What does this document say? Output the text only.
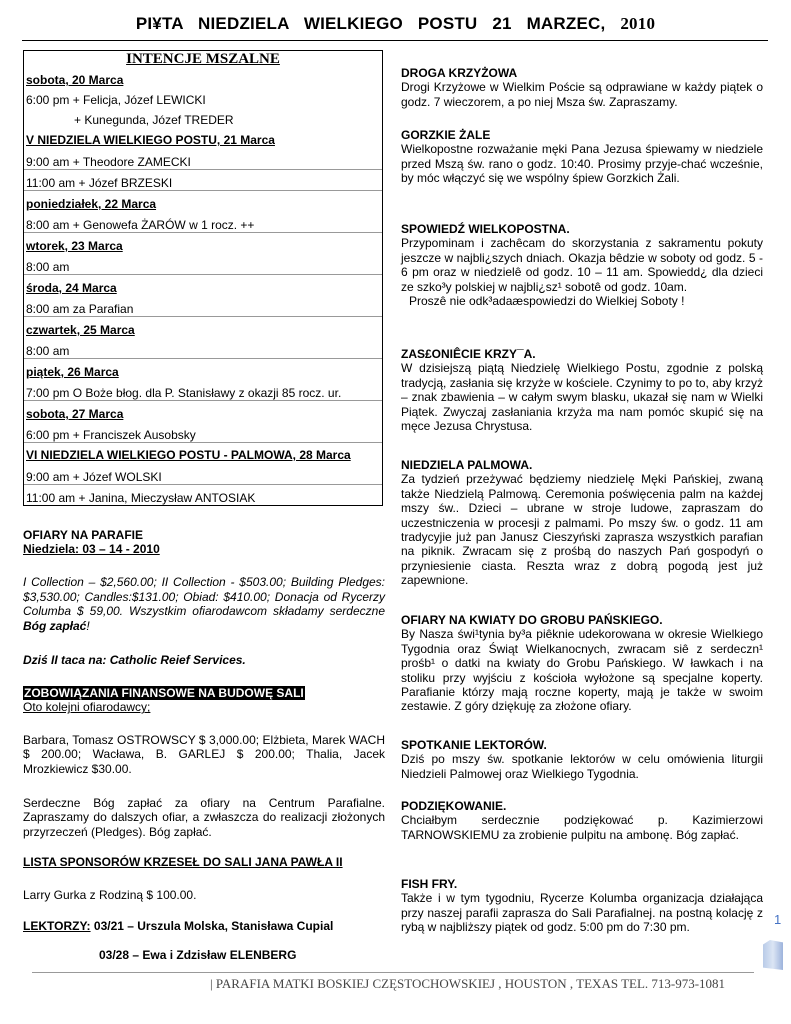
PI¥TA NIEDZIELA WIELKIEGO POSTU 21 MARZEC, 2010
INTENCJE MSZALNE
sobota, 20 Marca
6:00 pm + Felicja, Józef LEWICKI
+ Kunegunda, Józef TREDER
V NIEDZIELA WIELKIEGO POSTU, 21 Marca
9:00 am + Theodore ZAMECKI
11:00 am + Józef BRZESKI
poniedziałek, 22 Marca
8:00 am + Genowefa ŻARÓW w 1 rocz. ++
wtorek, 23 Marca
8:00 am
środa, 24 Marca
8:00 am za Parafian
czwartek, 25 Marca
8:00 am
piątek, 26 Marca
7:00 pm O Boże błog. dla P. Stanisławy z okazji 85 rocz. ur.
sobota, 27 Marca
6:00 pm + Franciszek Ausobsky
VI NIEDZIELA WIELKIEGO POSTU - PALMOWA, 28 Marca
9:00 am + Józef WOLSKI
11:00 am + Janina, Mieczysław ANTOSIAK
OFIARY NA PARAFIE
Niedziela: 03 – 14 - 2010
I Collection – $2,560.00; II Collection - $503.00; Building Pledges: $3,530.00; Candles:$131.00; Obiad: $410.00; Donacja od Rycerzy Columba $ 59,00. Wszystkim ofiarodawcom składamy serdeczne Bóg zapłać!
Dziś II taca na: Catholic Reief Services.
ZOBOWIĄZANIA FINANSOWE NA BUDOWĘ SALI
Oto kolejni ofiarodawcy;
Barbara, Tomasz OSTROWSCY $ 3,000.00; Elżbieta, Marek WACH $ 200.00; Wacława, B. GARLEJ $ 200.00; Thalia, Jacek Mrozkiewicz $30.00.
Serdeczne Bóg zapłać za ofiary na Centrum Parafialne. Zapraszamy do dalszych ofiar, a zwłaszcza do realizacji złożonych przyrzeczeń (Pledges). Bóg zapłać.
LISTA SPONSORÓW KRZESEŁ DO SALI JANA PAWŁA II
Larry Gurka z Rodziną $ 100.00.
LEKTORZY: 03/21 – Urszula Molska, Stanisława Cupial
03/28 – Ewa i Zdzisław ELENBERG
DROGA KRZYŻOWA
Drogi Krzyżowe w Wielkim Poście są odprawiane w każdy piątek o godz. 7 wieczorem, a po niej Msza św. Zapraszamy.
GORZKIE ŻALE
Wielkopostne rozważanie męki Pana Jezusa śpiewamy w niedziele przed Mszą św. rano o godz. 10:40. Prosimy przyje-chać wcześnie, by móc włączyć się we wspólny śpiew Gorzkich Żali.
SPOWIEDŹ WIELKOPOSTNA.
Przypominam i zachêcam do skorzystania z sakramentu pokuty jeszcze w najbli¿szych dniach. Okazja bêdzie w soboty od godz. 5 - 6 pm oraz w niedzielê od godz. 10 – 11 am. Spowiedd¿ dla dzieci ze szko³y polskiej w najbli¿sz¹ sobotê od godz. 10am.
Proszê nie odk³adaæspowiedzi do Wielkiej Soboty !
ZAS£ONIÊCIE KRZY¯A.
W dzisiejszą piątą Niedzielę Wielkiego Postu, zgodnie z polską tradycją, zasłania się krzyże w kościele. Czynimy to po to, aby krzyż – znak zbawienia – w całym swym blasku, ukazał się nam w Wielki Piątek. Zwyczaj zasłaniania krzyża ma nam pomóc skupić się na męce Jezusa Chrystusa.
NIEDZIELA PALMOWA.
Za tydzień przeżywać będziemy niedzielę Męki Pańskiej, zwaną także Niedzielą Palmową. Ceremonia poświęcenia palm na każdej mszy św.. Dzieci – ubrane w stroje ludowe, zapraszam do uczestniczenia w procesji z palmami. Po mszy św. o godz. 11 am tradycyjie już pan Janusz Cieszyński zaprasza wszystkich parafian na piknik. Zwracam się z prośbą do naszych Pań gospodyń o przyniesienie ciasta. Reszta wraz z dobrą pogodą jest już zapewnione.
OFIARY NA KWIATY DO GROBU PAŃSKIEGO.
By Nasza świ¹tynia by³a piêknie udekorowana w okresie Wielkiego Tygodnia oraz Świąt Wielkanocnych, zwracam siê z serdeczn¹ prośb¹ o datki na kwiaty do Grobu Pańskiego. W ławkach i na stoliku przy wyjściu z kościoła wyłożone są specjalne koperty. Parafianie którzy mają roczne koperty, mają je także w swoim zestawie. Z góry dziękuję za złożone ofiary.
SPOTKANIE LEKTORÓW.
Dziś po mszy św. spotkanie lektorów w celu omówienia liturgii Niedzieli Palmowej oraz Wielkiego Tygodnia.
PODZIĘKOWANIE.
Chciałbym serdecznie podziękować p. Kazimierzowi TARNOWSKIEMU za zrobienie pulpitu na ambonę. Bóg zapłać.
FISH FRY.
Także i w tym tygodniu, Rycerze Kolumba organizacja działająca przy naszej parafii zaprasza do Sali Parafialnej. na postną kolację z rybą w najbliższy piątek od godz. 5:00 pm do 7:30 pm.
1
| PARAFIA MATKI BOSKIEJ CZĘSTOCHOWSKIEJ , HOUSTON , TEXAS TEL. 713-973-1081
